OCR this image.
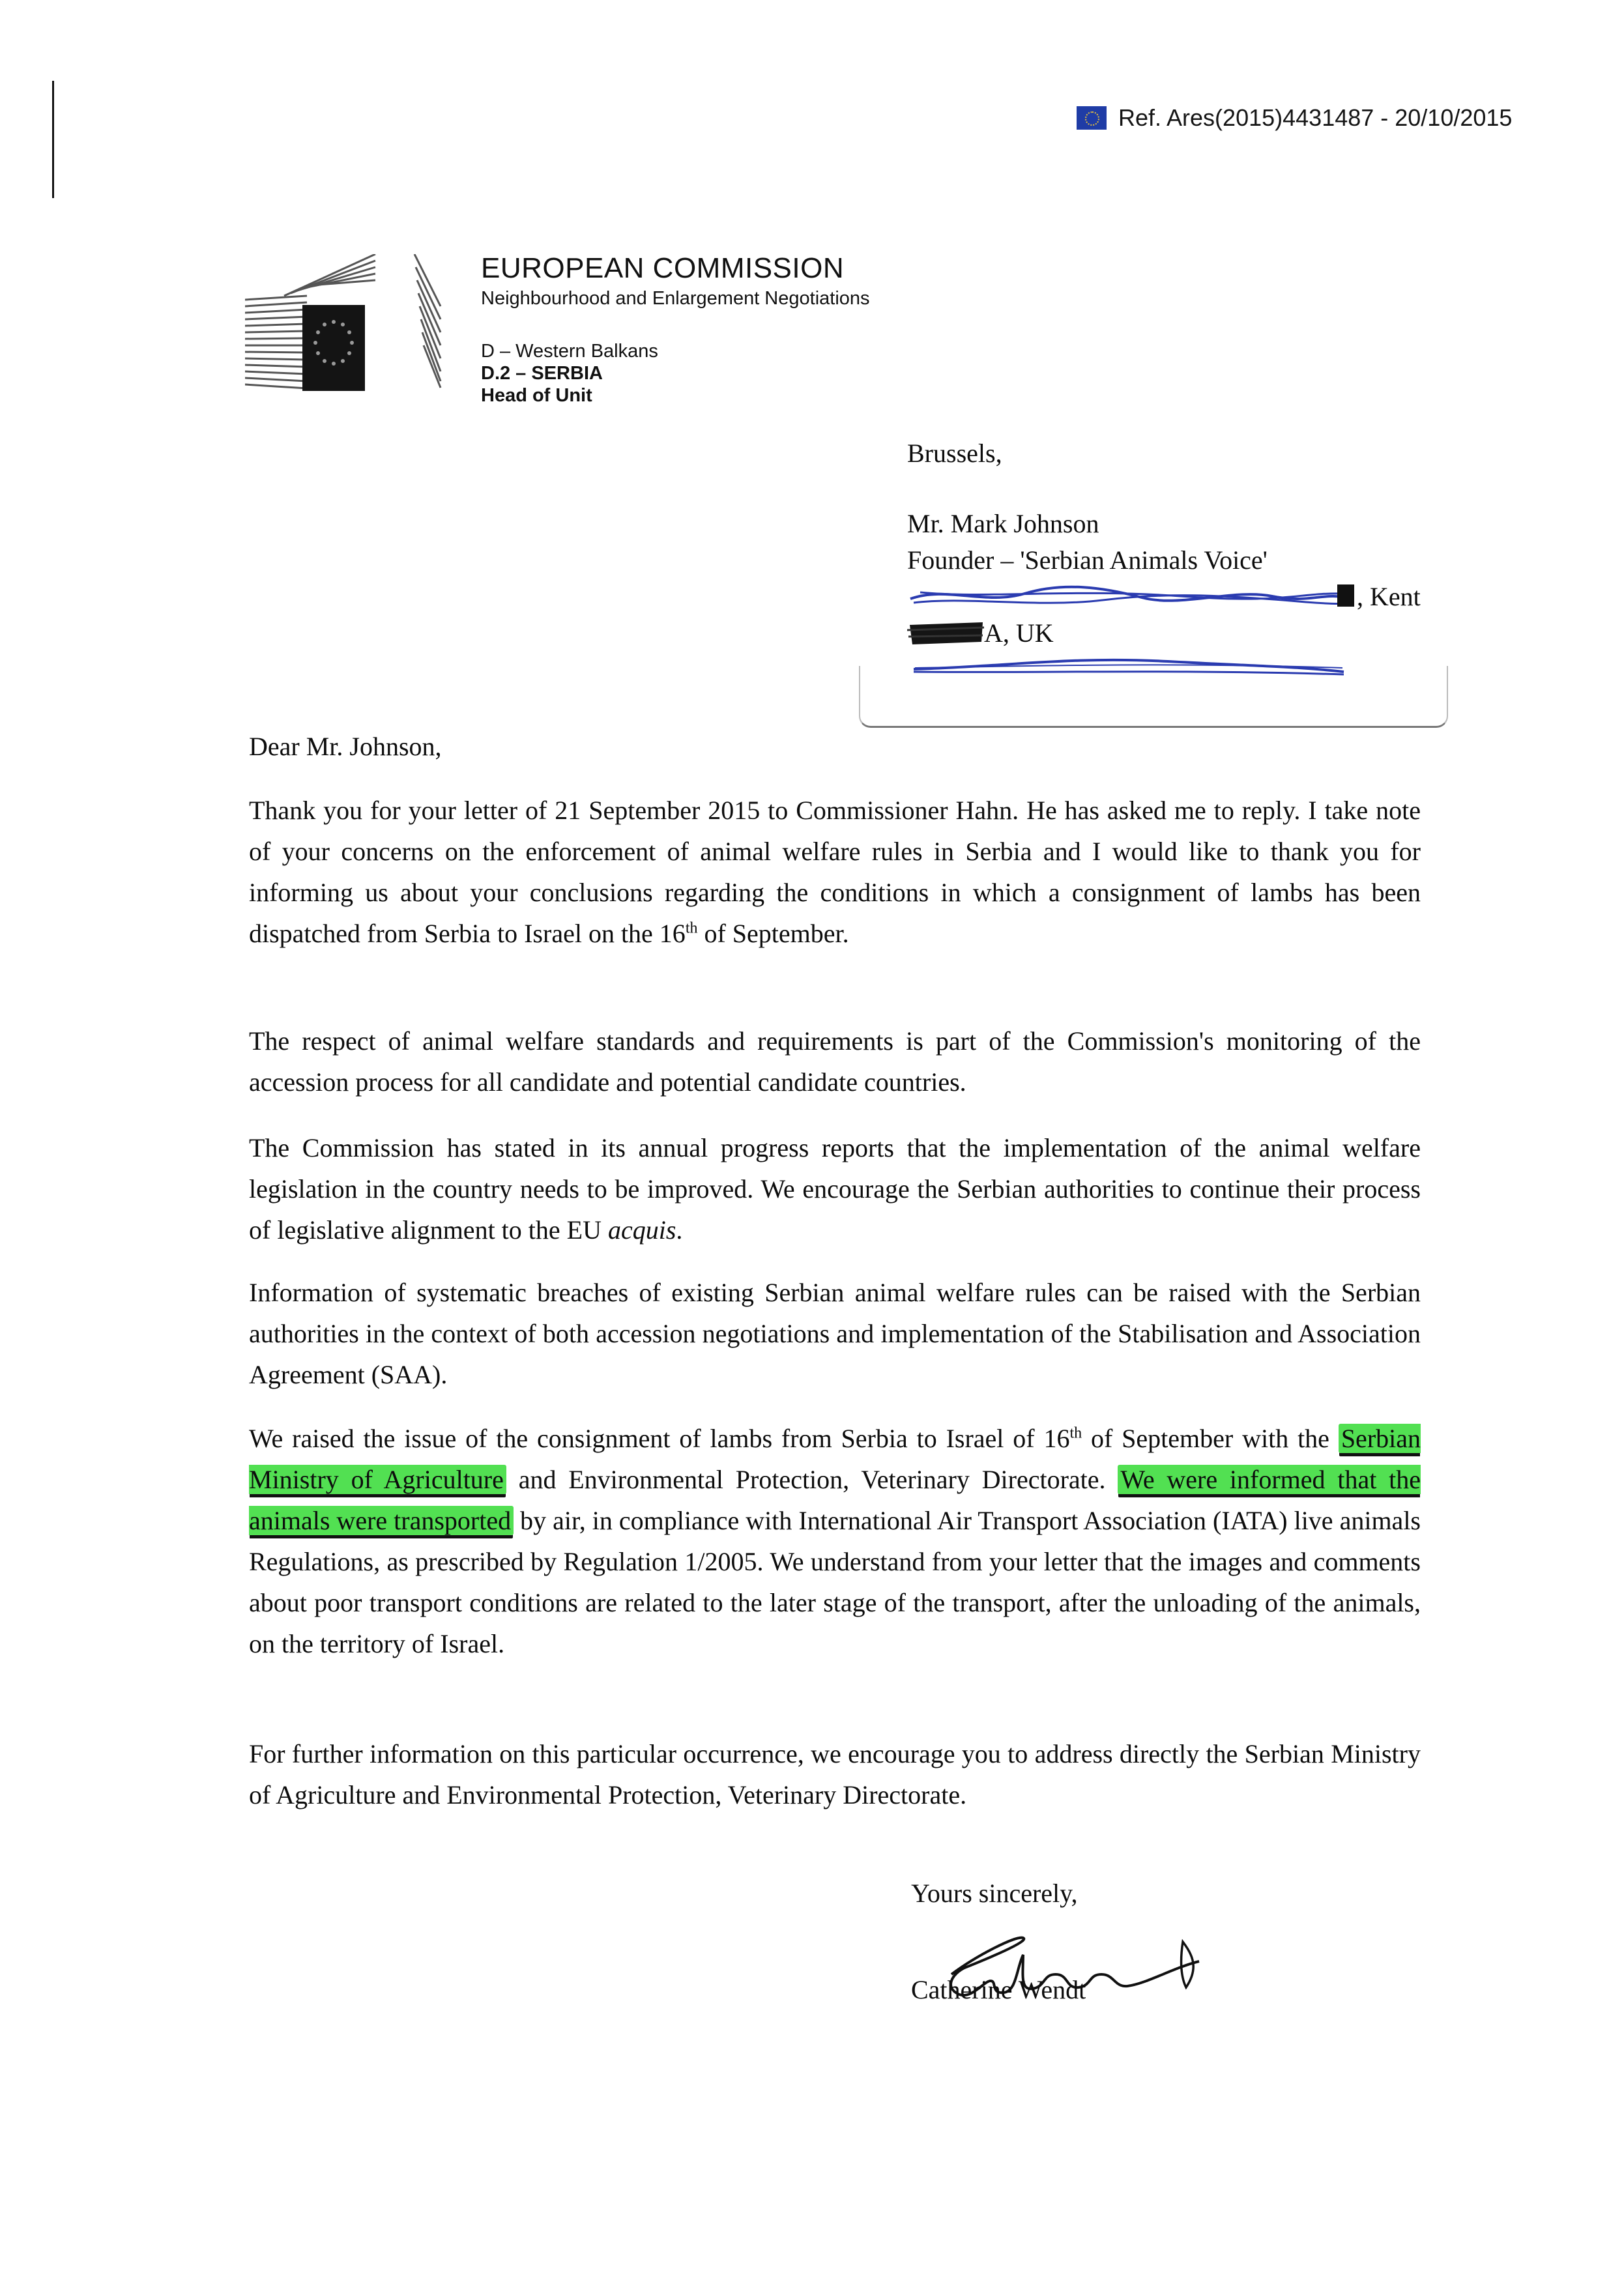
Ref. Ares(2015)4431487 - 20/10/2015
EUROPEAN COMMISSION
Neighbourhood and Enlargement Negotiations
D – Western Balkans
D.2 – SERBIA
Head of Unit
Brussels,
Mr. Mark Johnson
Founder – 'Serbian Animals Voice'
, Kent
A, UK
Dear Mr. Johnson,

Thank you for your letter of 21 September 2015 to Commissioner Hahn. He has asked me to reply. I take note of your concerns on the enforcement of animal welfare rules in Serbia and I would like to thank you for informing us about your conclusions regarding the conditions in which a consignment of lambs has been dispatched from Serbia to Israel on the 16th of September.

The respect of animal welfare standards and requirements is part of the Commission's monitoring of the accession process for all candidate and potential candidate countries.

The Commission has stated in its annual progress reports that the implementation of the animal welfare legislation in the country needs to be improved. We encourage the Serbian authorities to continue their process of legislative alignment to the EU acquis.

Information of systematic breaches of existing Serbian animal welfare rules can be raised with the Serbian authorities in the context of both accession negotiations and implementation of the Stabilisation and Association Agreement (SAA).

We raised the issue of the consignment of lambs from Serbia to Israel of 16th of September with the Serbian Ministry of Agriculture and Environmental Protection, Veterinary Directorate. We were informed that the animals were transported by air, in compliance with International Air Transport Association (IATA) live animals Regulations, as prescribed by Regulation 1/2005. We understand from your letter that the images and comments about poor transport conditions are related to the later stage of the transport, after the unloading of the animals, on the territory of Israel.

For further information on this particular occurrence, we encourage you to address directly the Serbian Ministry of Agriculture and Environmental Protection, Veterinary Directorate.

Yours sincerely,
Catherine Wendt
